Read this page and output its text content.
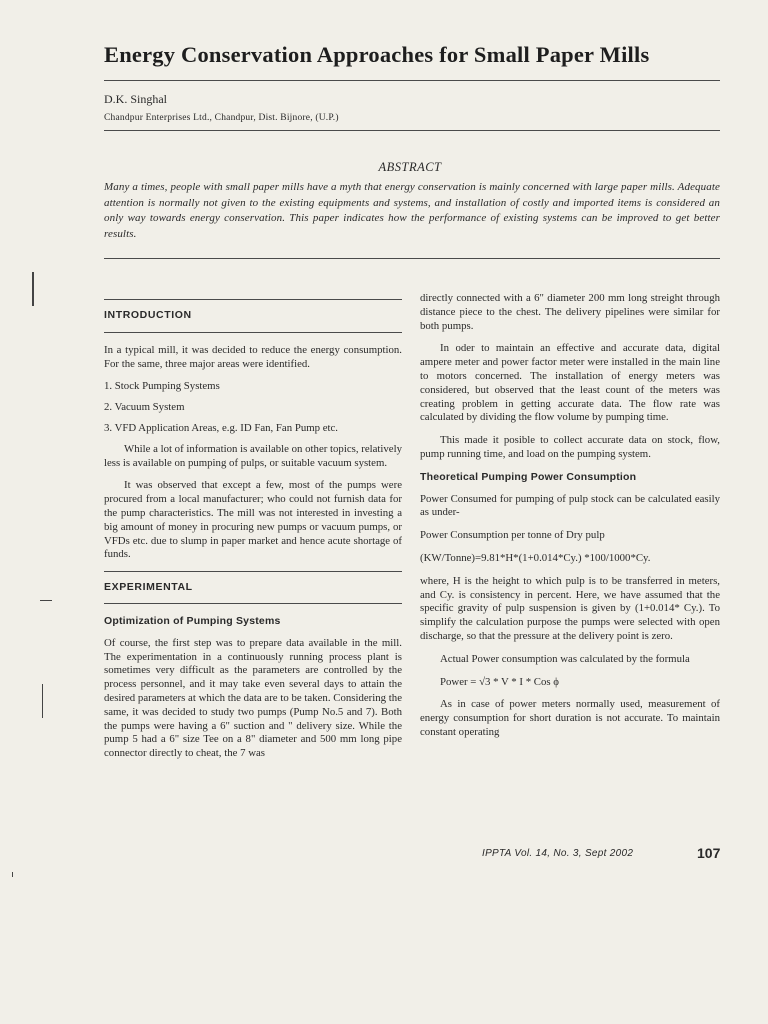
Energy Conservation Approaches for Small Paper Mills
D.K. Singhal
Chandpur Enterprises Ltd., Chandpur, Dist. Bijnore, (U.P.)
ABSTRACT
Many a times, people with small paper mills have a myth that energy conservation is mainly concerned with large paper mills. Adequate attention is normally not given to the existing equipments and systems, and installation of costly and imported items is considered an only way towards energy conservation. This paper indicates how the performance of existing systems can be improved to get better results.
INTRODUCTION

In a typical mill, it was decided to reduce the energy consumption. For the same, three major areas were identified.

1. Stock Pumping Systems

2. Vacuum System

3. VFD Application Areas, e.g. ID Fan, Fan Pump etc.

While a lot of information is available on other topics, relatively less is available on pumping of pulps, or suitable vacuum system.

It was observed that except a few, most of the pumps were procured from a local manufacturer; who could not furnish data for the pump characteristics. The mill was not interested in investing a big amount of money in procuring new pumps or vacuum pumps, or VFDs etc. due to slump in paper market and hence acute shortage of funds.

EXPERIMENTAL
Optimization of Pumping Systems

Of course, the first step was to prepare data available in the mill. The experimentation in a continuously running process plant is sometimes very difficult as the parameters are controlled by the process personnel, and it may take even several days to attain the desired parameters at which the data are to be taken. Considering the same, it was decided to study two pumps (Pump No.5 and 7). Both the pumps were having a 6" suction and " delivery size. While the pump 5 had a 6" size Tee on a 8" diameter and 500 mm long pipe connector directly to cheat, the 7 was

directly connected with a 6" diameter 200 mm long streight through distance piece to the chest. The delivery pipelines were similar for both pumps.

In oder to maintain an effective and accurate data, digital ampere meter and power factor meter were installed in the main line to motors concerned. The installation of energy meters was considered, but observed that the least count of the meters was creating problem in getting accurate data. The flow rate was calculated by dividing the flow volume by pumping time.

This made it posible to collect accurate data on stock, flow, pump running time, and load on the pumping system.

Theoretical Pumping Power Consumption

Power Consumed for pumping of pulp stock can be calculated easily as under-

Power Consumption per tonne of Dry pulp

(KW/Tonne)=9.81*H*(1+0.014*Cy.) *100/1000*Cy.

where, H is the height to which pulp is to be transferred in meters, and Cy. is consistency in percent. Here, we have assumed that the specific gravity of pulp suspension is given by (1+0.014* Cy.). To simplify the calculation purpose the pumps were selected with open discharge, so that the pressure at the delivery point is zero.

Actual Power consumption was calculated by the formula

Power = √3 * V * I * Cos ϕ

As in case of power meters normally used, measurement of energy consumption for short duration is not accurate. To maintain constant operating

IPPTA Vol. 14, No. 3, Sept 2002	107
